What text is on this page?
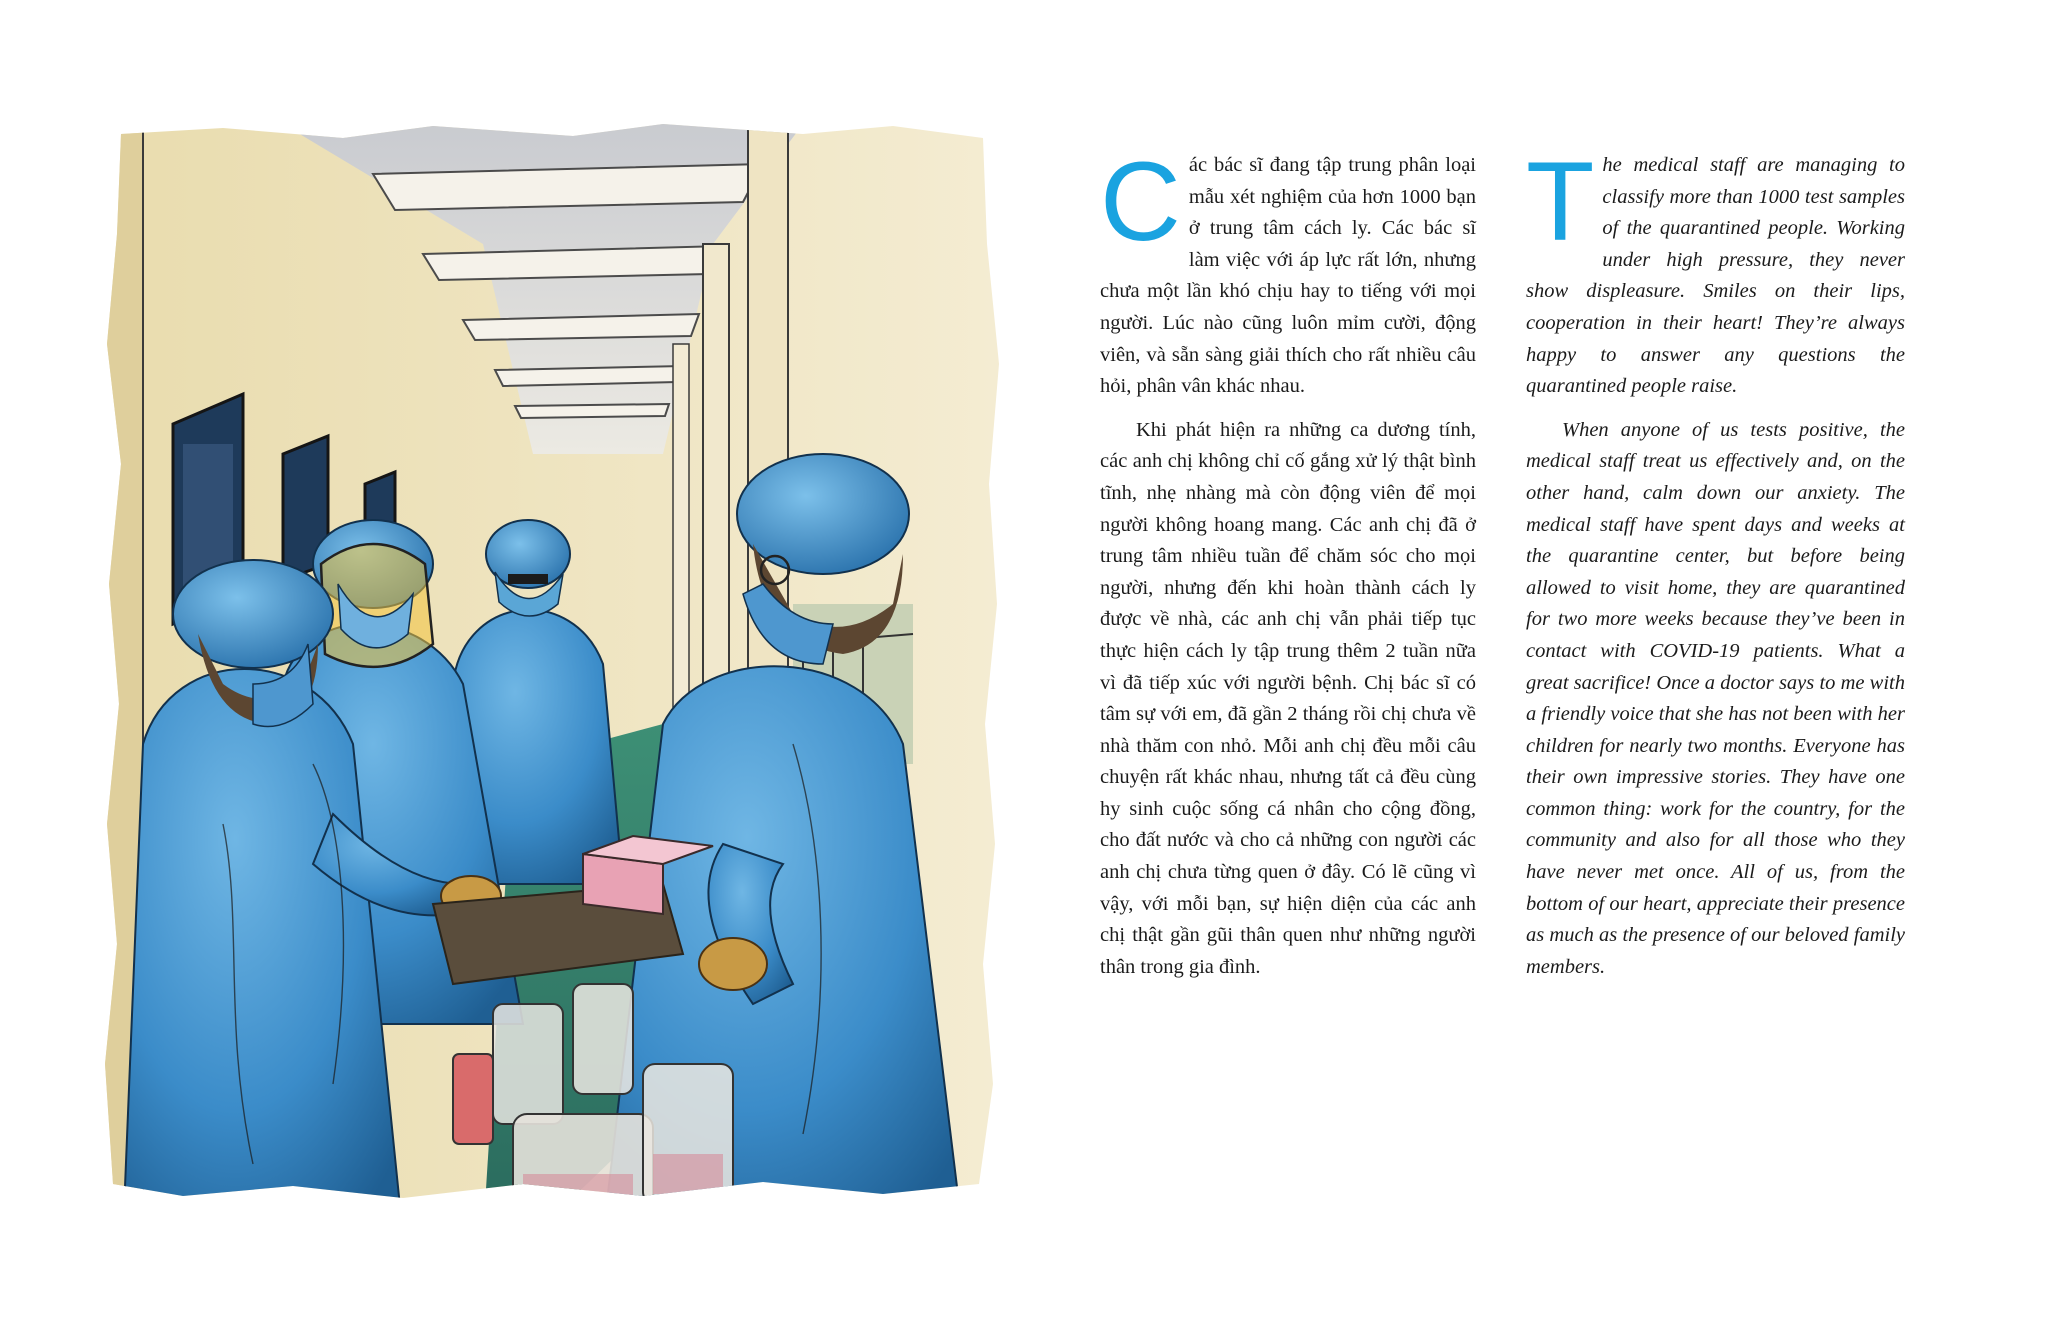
Các bác sĩ đang tập trung phân loại mẫu xét nghiệm của hơn 1000 bạn ở trung tâm cách ly. Các bác sĩ làm việc với áp lực rất lớn, nhưng chưa một lần khó chịu hay to tiếng với mọi người. Lúc nào cũng luôn mỉm cười, động viên, và sẵn sàng giải thích cho rất nhiều câu hỏi, phân vân khác nhau.

Khi phát hiện ra những ca dương tính, các anh chị không chỉ cố gắng xử lý thật bình tĩnh, nhẹ nhàng mà còn động viên để mọi người không hoang mang. Các anh chị đã ở trung tâm nhiều tuần để chăm sóc cho mọi người, nhưng đến khi hoàn thành cách ly được về nhà, các anh chị vẫn phải tiếp tục thực hiện cách ly tập trung thêm 2 tuần nữa vì đã tiếp xúc với người bệnh. Chị bác sĩ có tâm sự với em, đã gần 2 tháng rồi chị chưa về nhà thăm con nhỏ. Mỗi anh chị đều mỗi câu chuyện rất khác nhau, nhưng tất cả đều cùng hy sinh cuộc sống cá nhân cho cộng đồng, cho đất nước và cho cả những con người các anh chị chưa từng quen ở đây. Có lẽ cũng vì vậy, với mỗi bạn, sự hiện diện của các anh chị thật gần gũi thân quen như những người thân trong gia đình.

The medical staff are managing to classify more than 1000 test samples of the quarantined people. Working under high pressure, they never show displeasure. Smiles on their lips, cooperation in their heart! They’re always happy to answer any questions the quarantined people raise.

When anyone of us tests positive, the medical staff treat us effectively and, on the other hand, calm down our anxiety. The medical staff have spent days and weeks at the quarantine center, but before being allowed to visit home, they are quarantined for two more weeks because they’ve been in contact with COVID-19 patients. What a great sacrifice! Once a doctor says to me with a friendly voice that she has not been with her children for nearly two months. Everyone has their own impressive stories. They have one common thing: work for the country, for the community and also for all those who they have never met once. All of us, from the bottom of our heart, appreciate their presence as much as the presence of our beloved family members.
